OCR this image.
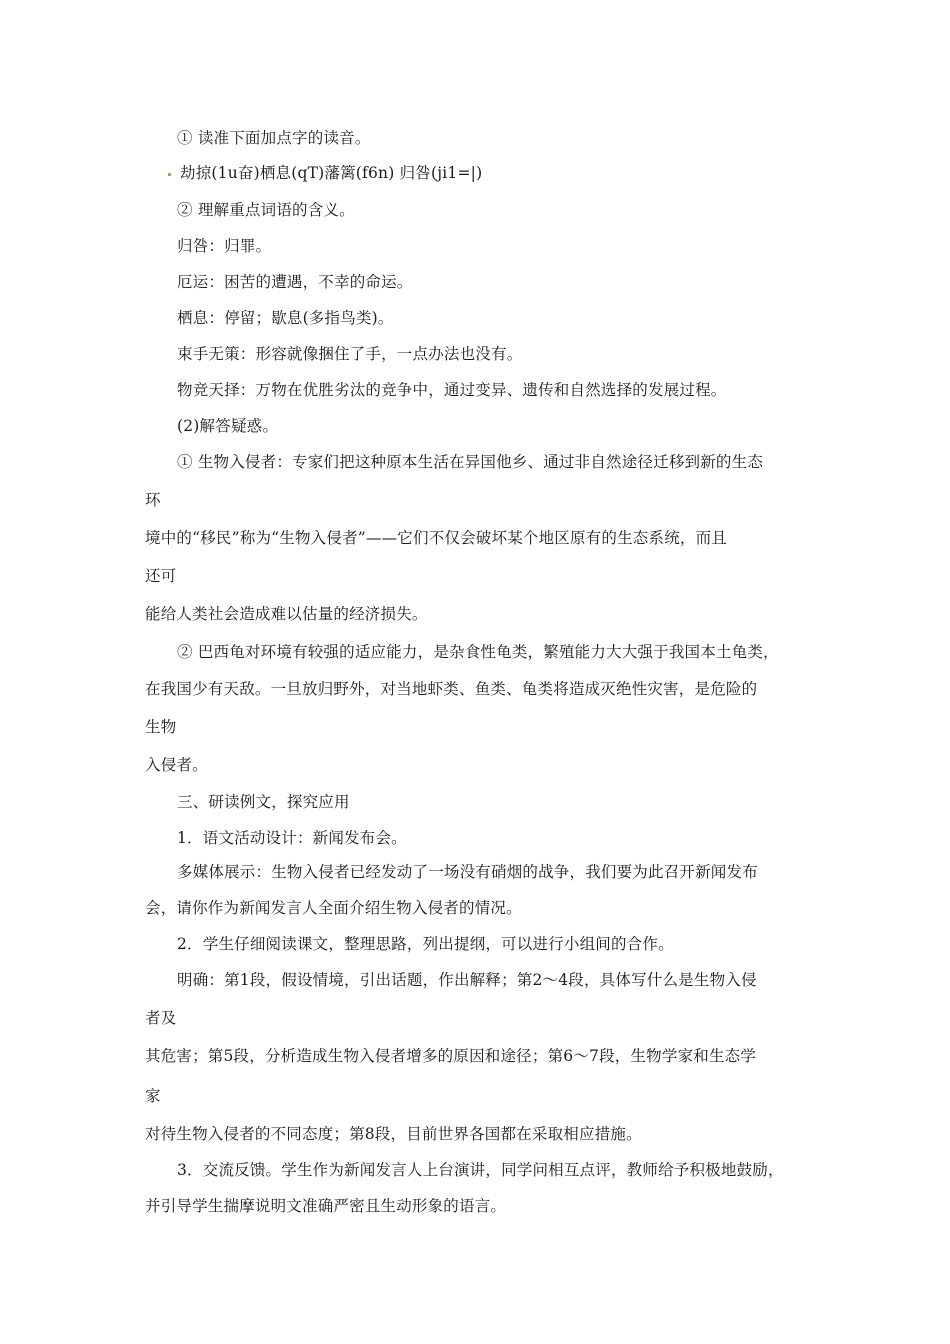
① 读准下面加点字的读音。
劫掠(1u奋)栖息(qT)藩篱(f6n) 归咎(ji1=|)
② 理解重点词语的含义。
归咎：归罪。
厄运：困苦的遭遇，不幸的命运。
栖息：停留；歇息(多指鸟类)。
束手无策：形容就像捆住了手，一点办法也没有。
物竞天择：万物在优胜劣汰的竞争中，通过变异、遗传和自然选择的发展过程。
(2)解答疑惑。
① 生物入侵者：专家们把这种原本生活在异国他乡、通过非自然途径迁移到新的生态
环
境中的“移民”称为“生物入侵者”——它们不仅会破坏某个地区原有的生态系统，而且
还可
能给人类社会造成难以估量的经济损失。
② 巴西龟对环境有较强的适应能力，是杂食性龟类，繁殖能力大大强于我国本土龟类，
在我国少有天敌。一旦放归野外，对当地虾类、鱼类、龟类将造成灭绝性灾害，是危险的
生物
入侵者。
三、研读例文，探究应用
1．语文活动设计：新闻发布会。
多媒体展示：生物入侵者已经发动了一场没有硝烟的战争，我们要为此召开新闻发布
会，请你作为新闻发言人全面介绍生物入侵者的情况。
2．学生仔细阅读课文，整理思路，列出提纲，可以进行小组间的合作。
明确：第1段，假设情境，引出话题，作出解释；第2～4段，具体写什么是生物入侵
者及
其危害；第5段，分析造成生物入侵者增多的原因和途径；第6～7段，生物学家和生态学
家
对待生物入侵者的不同态度；第8段，目前世界各国都在采取相应措施。
3．交流反馈。学生作为新闻发言人上台演讲，同学问相互点评，教师给予积极地鼓励，
并引导学生揣摩说明文准确严密且生动形象的语言。
